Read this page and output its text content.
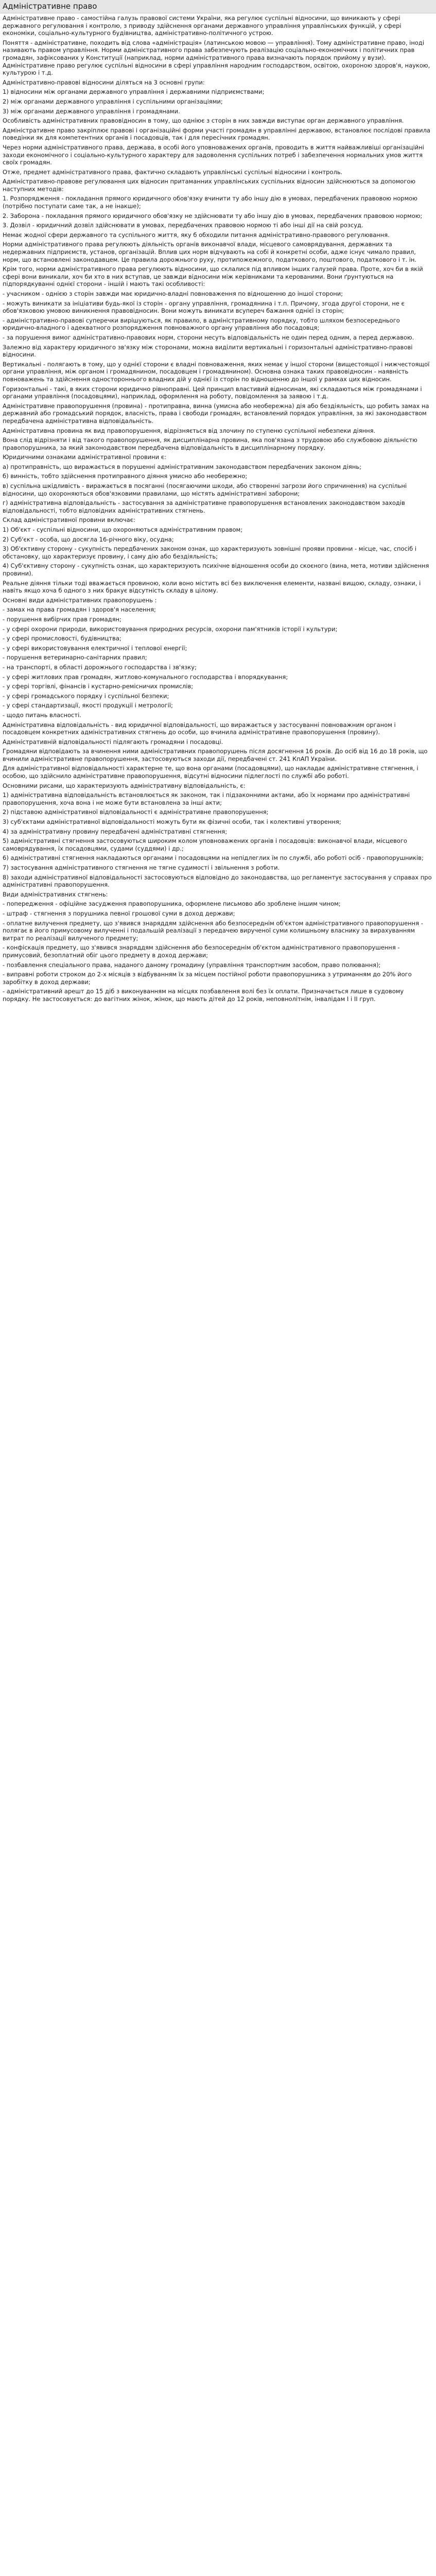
Адміністративне право

Адміністративне право - самостійна галузь правової системи України, яка регулює суспільні відносини, що виникають у сфері державного регулювання і контролю, з приводу здійснення органами державного управління управлінських функцій, у сфері економіки, соціально-культурного будівництва, адміністративно-політичного устрою.

Поняття - адміністративне, походить від слова «адміністрація» (латинською мовою — управління). Тому адміністративне право, іноді називають правом управління. Норми адміністративного права забезпечують реалізацію соціально-економічних і політичних прав громадян, зафіксованих у Конституції (наприклад, норми адміністративного права визначають порядок прийому у вузи). Адміністративне право регулює суспільні відносини в сфері управління народним господарством, освітою, охороною здоров'я, наукою, культурою і т.д.

Адміністративно-правові відносини діляться на 3 основні групи:

1) відносини між органами державного управління і державними підприємствами;

2) між органами державного управління і суспільними організаціями;

3) між органами державного управління і громадянами.

Особливість адміністративних правовідносин в тому, що одніює з сторін в них завжди виступає орган державного управління.

Адміністративне право закріплює правові і організаційні форми участі громадян в управлінні державою, встановлює послідові правила поведінки як для компетентних органів і посадовців, так і для пересічних громадян.

Через норми адміністративного права, держава, в особі його уповноважених органів, проводить в життя найважливіші організаційні заходи економічного і соціально-культурного характеру для задоволення суспільних потреб і забезпечення нормальних умов життя своїх громадян.

Отже, предмет адміністративного права, фактично складають управлінські суспільні відносини і контроль.

Адміністративно-правове регулювання цих відносин притаманних управлінських суспільних відносин здійснюються за допомогою наступних методів:

1. Розпорядження - покладання прямого юридичного обов'язку вчинити ту або іншу дію в умовах, передбачених правовою нормою (потрібно поступати саме так, а не інакше);

2. Заборона - покладання прямого юридичного обов'язку не здійснювати ту або іншу дію в умовах, передбачених правовою нормою;

3. Дозвіл - юридичний дозвіл здійснювати в умовах, передбачених правовою нормою ті або інші дії на свій розсуд.

Немає жодної сфери державного та суспільного життя, яку б обходили питання адміністративно-правового регулювання.

Норми адміністративного права регулюють діяльність органів виконавчої влади, місцевого самоврядування, державних та недержавних підприємств, установ, організацій. Вплив цих норм відчувають на собі й конкретні особи, адже існує чимало правил, норм, що встановлені законодавцем. Це правила дорожнього руху, протипожежного, податкового, поштового, податкового і т. ін.

Крім того, норми адміністративного права регулюють відносини, що склалися під впливом інших галузей права. Проте, хоч би в якій сфері вони виникали, хоч би хто в них вступав, це завжди відносини між керівниками та керованими. Вони ґрунтуються на підпорядкуванні однієї сторони - іншій і мають такі особливості:

- учасником - однією з сторін завжди має юридично-владні повноваження по відношенню до іншої сторони;

- можуть виникати за ініціативи будь-якої із сторін - органу управління, громадянина і т.п. Причому, згода другої сторони, не є обов'язковою умовою виникнення правовідносин. Вони можуть виникати всупереч бажання однієї із сторін;

- адміністративно-правові суперечки вирішуються, як правило, в адміністративному порядку, тобто шляхом безпосереднього юридично-владного і адекватного розпорядження повноважного органу управління або посадовця;

- за порушення вимог адміністративно-правових норм, сторони несуть відповідальність не один перед одним, а перед державою.

Залежно від характеру юридичного зв'язку між сторонами, можна виділити вертикальні і горизонтальні адміністративно-правові відносини.

Вертикальні - полягають в тому, що у однієї сторони є владні повноваження, яких немає у іншої сторони (вищестоящої і нижчестоящої органи управління, між органом і громадянином, посадовцем і громадянином). Основна ознака таких правовідносин - наявність повноважень та здійснення одностороннього владних дій у однієї із сторін по відношенню до іншої у рамках цих відносин.

Горизонтальні - такі, в яких сторони юридично рівноправні. Цей принцип властивий відносинам, які складаються між громадянами і органами управління (посадовцями), наприклад, оформлення на роботу, повідомлення за заявою і т.д.

Адміністративне правопорушення (провина) - протиправна, винна (умисна або необережна) дія або бездіяльність, що робить замах на державний або громадський порядок, власність, права і свободи громадян, встановлений порядок управління, за які законодавством передбачена адміністративна відповідальність.

Адміністративна провина як вид правопорушення, відрізняється від злочину по ступеню суспільної небезпеки діяння.

Вона слід відрізняти і від такого правопорушення, як дисциплінарна провина, яка пов'язана з трудовою або службовою діяльністю правопорушника, за який законодавством передбачена відповідальність в дисциплінарному порядку.

Юридичними ознаками адміністративної провини є:

а) протиправність, що виражається в порушенні адміністративним законодавством передбачених законом діянь;

б) винність, тобто здійснення протиправного діяння умисно або необережно;

в) суспільна шкідливість - виражається в посяганні (посягаючими шкоди, або створенні загрози його спричинення) на суспільні відносини, що охороняються обов'язковими правилами, що містять адміністративні заборони;

г) адміністративна відповідальність - застосування за адміністративне правопорушення встановлених законодавством заходів відповідальності, тобто відповідних адміністративних стягнень.

Склад адміністративної провини включає:

1) Об'єкт - суспільні відносини, що охороняються адміністративним правом;

2) Суб'єкт - особа, що досягла 16-річного віку, осудна;

3) Об'єктивну сторону - сукупність передбачених законом ознак, що характеризують зовнішні прояви провини - місце, час, спосіб і обстановку, що характеризує провину, і саму дію або бездіяльність;

4) Суб'єктивну сторону - сукупність ознак, що характеризують психічне відношення особи до скоєного (вина, мета, мотиви здійснення провини).

Реальне діяння тільки тоді вважається провиною, коли воно містить всі без виключення елементи, названі вищою, складу, ознаки, і навіть якщо хоча б одного з них бракує відсутність складу в цілому.

Основні види адміністративних правопорушень :

- замах на права громадян і здоров'я населення;

- порушення вибірчих прав громадян;

- у сфері охорони природи, використовування природних ресурсів, охорони пам'ятників історії і культури;

- у сфері промисловості, будівництва;

- у сфері використовування електричної і теплової енергії;

- порушення ветеринарно-санітарних правил;

- на транспорті, в області дорожнього господарства і зв'язку;

- у сфері житлових прав громадян, житлово-комунального господарства і впорядкування;

- у сфері торгівлі, фінансів і кустарно-ремісничих промислів;

- у сфері громадського порядку і суспільної безпеки;

- у сфері стандартизації, якості продукції і метрології;

- щодо питань власності.

Адміністративна відповідальність - вид юридичної відповідальності, що виражається у застосуванні повноважним органом і посадовцем конкретних адміністративних стягнень до особи, що вчинила адміністративне правопорушення (провину).

Адміністративній відповідальності підлягають громадяни і посадовці.

Громадяни відповідають за вчинення ними адміністративних правопорушень після досягнення 16 років. До осіб від 16 до 18 років, що вчинили адміністративне правопорушення, застосовуються заходи дії, передбачені ст. 241 КпАП України.

Для адміністративної відповідальності характерне те, що вона органами (посадовцями), що накладає адміністративне стягнення, і особою, що здійснило адміністративне правопорушення, відсутні відносини підлеглості по службі або роботі.

Основними рисами, що характеризують адміністративну відповідальність, є:

1) адміністративна відповідальність встановлюється як законом, так і підзаконними актами, або їх нормами про адміністративні правопорушення, хоча вона і не може бути встановлена за інші акти;

2) підставою адміністративної відповідальності є адміністративне правопорушення;

3) суб'єктами адміністративної відповідальності можуть бути як фізичні особи, так і колективні утворення;

4) за адміністративну провину передбачені адміністративні стягнення;

5) адміністративні стягнення застосовуються широким колом уповноважених органів і посадовців: виконавчої влади, місцевого самоврядування, їх посадовцями, судами (суддями) і др.;

6) адміністративні стягнення накладаються органами і посадовцями на непідлеглих їм по службі, або роботі осіб - правопорушників;

7) застосування адміністративного стягнення не тягне судимості і звільнення з роботи.

8) заходи адміністративної відповідальності застосовуються відповідно до законодавства, що регламентує застосування у справах про адміністративні правопорушення.

Види адміністративних стягнень:

- попередження - офіційне засудження правопорушника, оформлене письмово або зроблене іншим чином;

- штраф - стягнення з порушника певної грошової суми в доход держави;

- оплатне вилучення предмету, що з'явився знаряддям здійснення або безпосереднім об'єктом адміністративного правопорушення - полягає в його примусовому вилученні і подальшій реалізації з передачею вирученої суми колишньому власнику за вирахуванням витрат по реалізації вилученого предмету;

- конфіскація предмету, що з'явився знаряддям здійснення або безпосереднім об'єктом адміністративного правопорушення - примусовий, безоплатний обіг цього предмету в доход держави;

- позбавлення спеціального права, наданого даному громадину (управління транспортним засобом, право полювання);

- виправні роботи строком до 2-х місяців з відбуванням їх за місцем постійної роботи правопорушника з утриманням до 20% його заробітку в доход держави;

- адміністративний арешт до 15 діб з виконуванням на місцях позбавлення волі без їх оплати. Призначається лише в судовому порядку. Не застосовується: до вагітних жінок, жінок, що мають дітей до 12 років, неповнолітнім, інвалідам I і II груп.
